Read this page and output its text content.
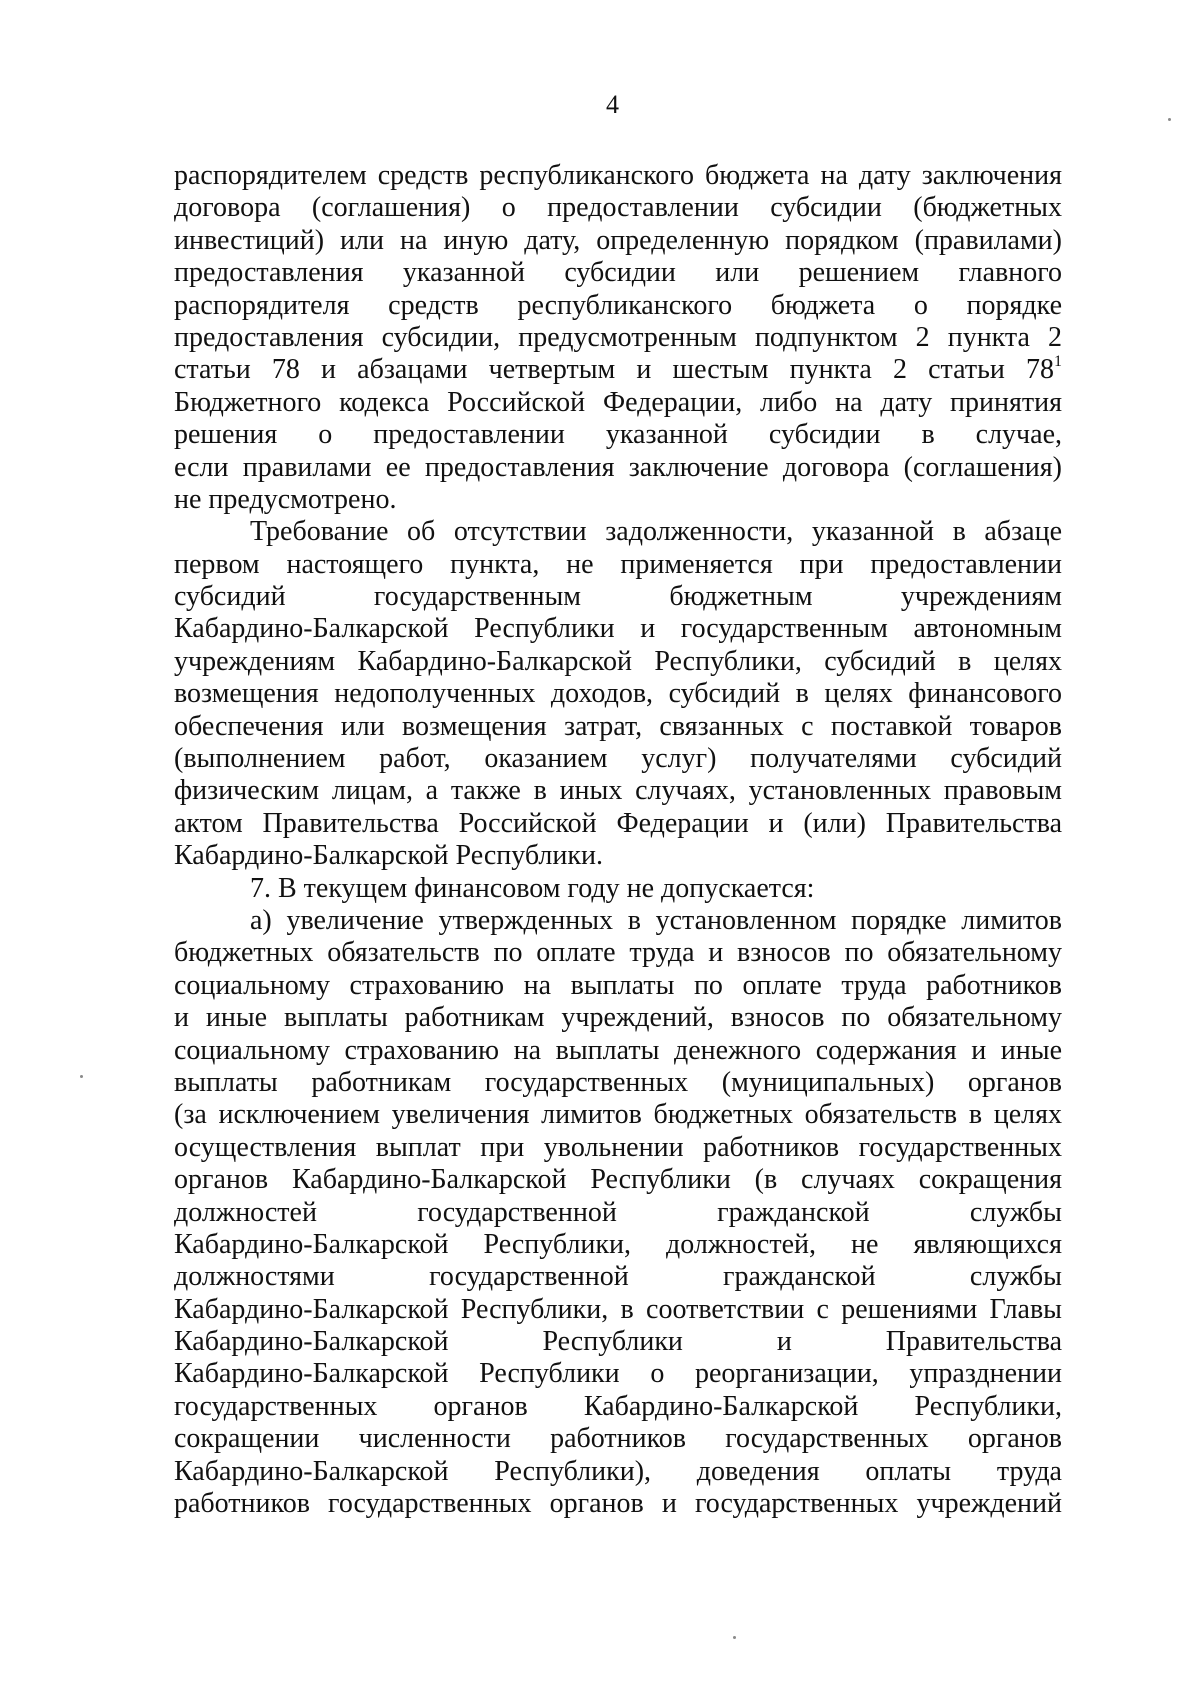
4
распорядителем средств республиканского бюджета на дату заключения
договора (соглашения) о предоставлении субсидии (бюджетных
инвестиций) или на иную дату, определенную порядком (правилами)
предоставления указанной субсидии или решением главного
распорядителя средств республиканского бюджета о порядке
предоставления субсидии, предусмотренным подпунктом 2 пункта 2
статьи 78 и абзацами четвертым и шестым пункта 2 статьи $78^1$
Бюджетного кодекса Российской Федерации, либо на дату принятия
решения о предоставлении указанной субсидии в случае,
если правилами ее предоставления заключение договора (соглашения)
не предусмотрено.
Требование об отсутствии задолженности, указанной в абзаце
первом настоящего пункта, не применяется при предоставлении
субсидий государственным бюджетным учреждениям
Кабардино-Балкарской Республики и государственным автономным
учреждениям Кабардино-Балкарской Республики, субсидий в целях
возмещения недополученных доходов, субсидий в целях финансового
обеспечения или возмещения затрат, связанных с поставкой товаров
(выполнением работ, оказанием услуг) получателями субсидий
физическим лицам, а также в иных случаях, установленных правовым
актом Правительства Российской Федерации и (или) Правительства
Кабардино-Балкарской Республики.
7. В текущем финансовом году не допускается:
а) увеличение утвержденных в установленном порядке лимитов
бюджетных обязательств по оплате труда и взносов по обязательному
социальному страхованию на выплаты по оплате труда работников
и иные выплаты работникам учреждений, взносов по обязательному
социальному страхованию на выплаты денежного содержания и иные
выплаты работникам государственных (муниципальных) органов
(за исключением увеличения лимитов бюджетных обязательств в целях
осуществления выплат при увольнении работников государственных
органов Кабардино-Балкарской Республики (в случаях сокращения
должностей государственной гражданской службы
Кабардино-Балкарской Республики, должностей, не являющихся
должностями государственной гражданской службы
Кабардино-Балкарской Республики, в соответствии с решениями Главы
Кабардино-Балкарской Республики и Правительства
Кабардино-Балкарской Республики о реорганизации, упразднении
государственных органов Кабардино-Балкарской Республики,
сокращении численности работников государственных органов
Кабардино-Балкарской Республики), доведения оплаты труда
работников государственных органов и государственных учреждений
